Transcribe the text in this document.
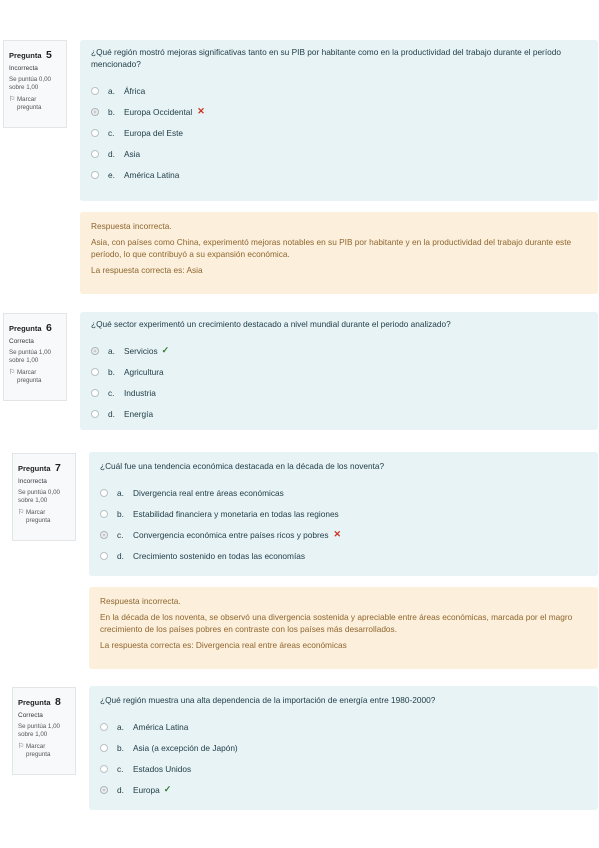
Pregunta 5
Incorrecta
Se puntúa 0,00 sobre 1,00
⚐ Marcar pregunta
¿Qué región mostró mejoras significativas tanto en su PIB por habitante como en la productividad del trabajo durante el período mencionado?
a.	África
b.	Europa Occidental ✕
c.	Europa del Este
d.	Asia
e.	América Latina

Respuesta incorrecta.

Asia, con países como China, experimentó mejoras notables en su PIB por habitante y en la productividad del trabajo durante este período, lo que contribuyó a su expansión económica.

La respuesta correcta es: Asia

Pregunta 6
Correcta
Se puntúa 1,00 sobre 1,00
⚐ Marcar pregunta
¿Qué sector experimentó un crecimiento destacado a nivel mundial durante el periodo analizado?
a.	Servicios ✓
b.	Agricultura
c.	Industria
d.	Energía
Pregunta 7
Incorrecta
Se puntúa 0,00 sobre 1,00
⚐ Marcar pregunta
¿Cuál fue una tendencia económica destacada en la década de los noventa?
a.	Divergencia real entre áreas económicas
b.	Estabilidad financiera y monetaria en todas las regiones
c.	Convergencia económica entre países ricos y pobres ✕
d.	Crecimiento sostenido en todas las economías

Respuesta incorrecta.

En la década de los noventa, se observó una divergencia sostenida y apreciable entre áreas económicas, marcada por el magro crecimiento de los países pobres en contraste con los países más desarrollados.

La respuesta correcta es: Divergencia real entre áreas económicas

Pregunta 8
Correcta
Se puntúa 1,00 sobre 1,00
⚐ Marcar pregunta
¿Qué región muestra una alta dependencia de la importación de energía entre 1980-2000?
a.	América Latina
b.	Asia (a excepción de Japón)
c.	Estados Unidos
d.	Europa ✓
